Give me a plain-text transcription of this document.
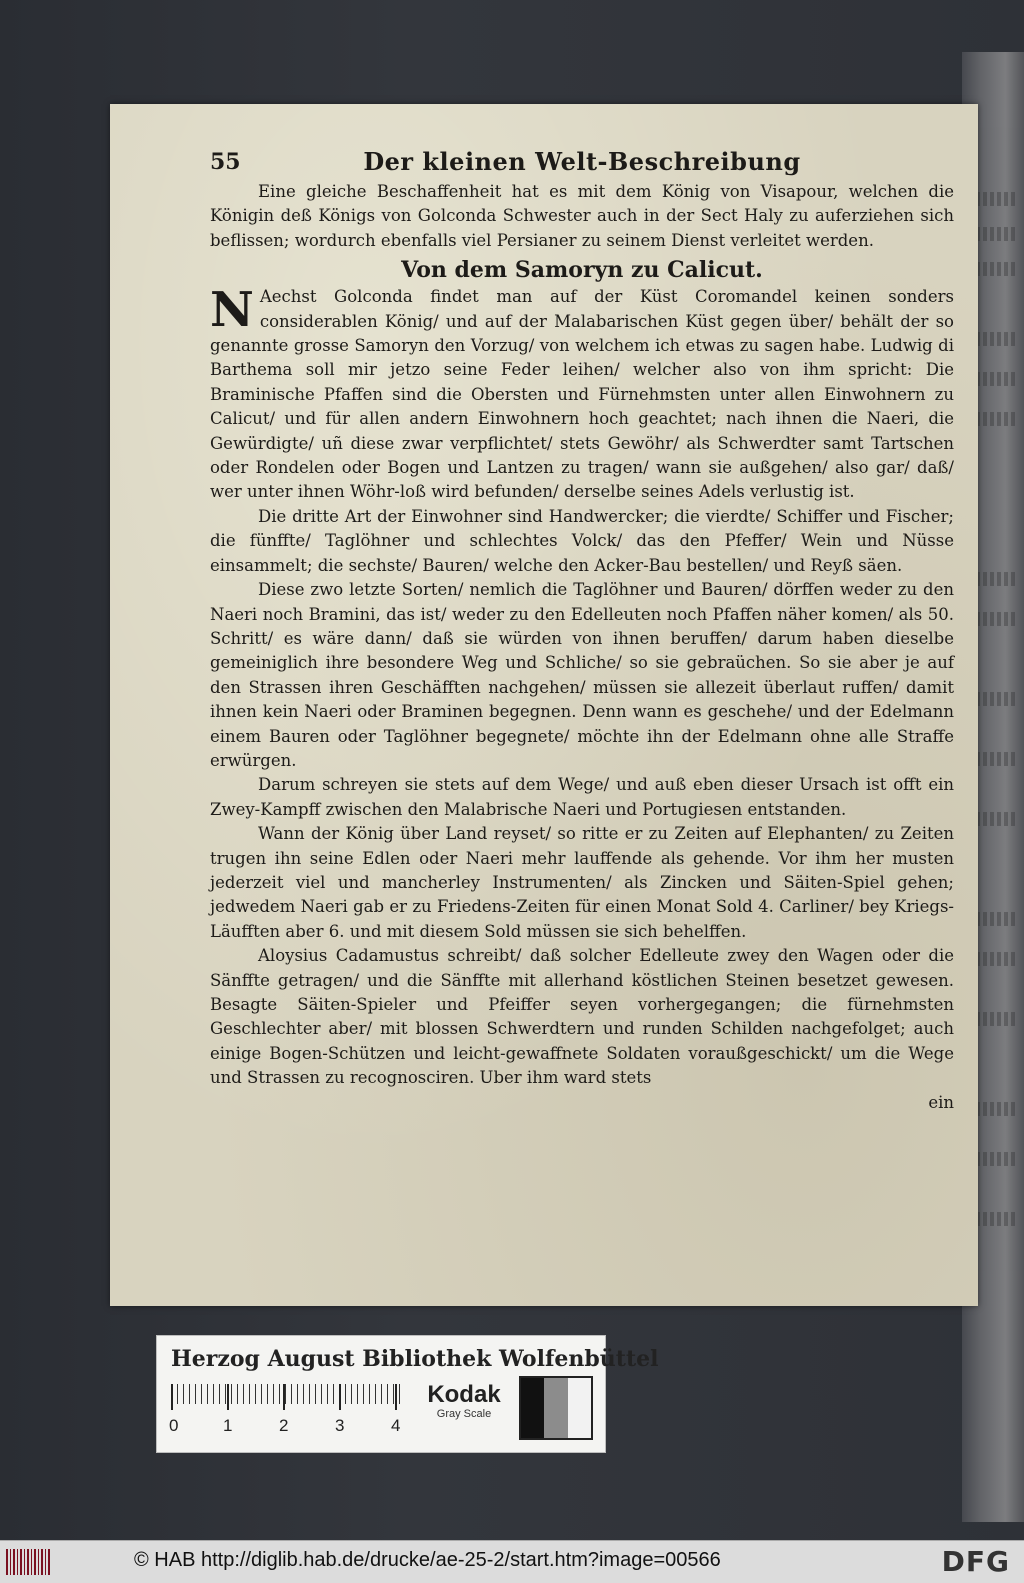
Der kleinen Welt-Beschreibung
55

Eine gleiche Beschaffenheit hat es mit dem König von Visapour, welchen die Königin deß Königs von Golconda Schwester auch in der Sect Haly zu auferziehen sich beflissen; wordurch ebenfalls viel Persianer zu seinem Dienst verleitet werden.

Von dem Samoryn zu Calicut.

N Aechst Golconda findet man auf der Küst Coromandel keinen sonders considerablen König/ und auf der Malabarischen Küst gegen über/ behält der so genannte grosse Samoryn den Vorzug/ von welchem ich etwas zu sagen habe. Ludwig di Barthema soll mir jetzo seine Feder leihen/ welcher also von ihm spricht: Die Braminische Pfaffen sind die Obersten und Fürnehmsten unter allen Einwohnern zu Calicut/ und für allen andern Einwohnern hoch geachtet; nach ihnen die Naeri, die Gewürdigte/ uñ diese zwar verpflichtet/ stets Gewöhr/ als Schwerdter samt Tartschen oder Rondelen oder Bogen und Lantzen zu tragen/ wann sie außgehen/ also gar/ daß/ wer unter ihnen Wöhr-loß wird befunden/ derselbe seines Adels verlustig ist.

Die dritte Art der Einwohner sind Handwercker; die vierdte/ Schiffer und Fischer; die fünffte/ Taglöhner und schlechtes Volck/ das den Pfeffer/ Wein und Nüsse einsammelt; die sechste/ Bauren/ welche den Acker-Bau bestellen/ und Reyß säen.

Diese zwo letzte Sorten/ nemlich die Taglöhner und Bauren/ dörffen weder zu den Naeri noch Bramini, das ist/ weder zu den Edelleuten noch Pfaffen näher komen/ als 50. Schritt/ es wäre dann/ daß sie würden von ihnen beruffen/ darum haben dieselbe gemeiniglich ihre besondere Weg und Schliche/ so sie gebraüchen. So sie aber je auf den Strassen ihren Geschäfften nachgehen/ müssen sie allezeit überlaut ruffen/ damit ihnen kein Naeri oder Braminen begegnen. Denn wann es geschehe/ und der Edelmann einem Bauren oder Taglöhner begegnete/ möchte ihn der Edelmann ohne alle Straffe erwürgen.

Darum schreyen sie stets auf dem Wege/ und auß eben dieser Ursach ist offt ein Zwey-Kampff zwischen den Malabrische Naeri und Portugiesen entstanden.

Wann der König über Land reyset/ so ritte er zu Zeiten auf Elephanten/ zu Zeiten trugen ihn seine Edlen oder Naeri mehr lauffende als gehende. Vor ihm her musten jederzeit viel und mancherley Instrumenten/ als Zincken und Säiten-Spiel gehen; jedwedem Naeri gab er zu Friedens-Zeiten für einen Monat Sold 4. Carliner/ bey Kriegs-Läufften aber 6. und mit diesem Sold müssen sie sich behelffen.

Aloysius Cadamustus schreibt/ daß solcher Edelleute zwey den Wagen oder die Sänffte getragen/ und die Sänffte mit allerhand köstlichen Steinen besetzet gewesen. Besagte Säiten-Spieler und Pfeiffer seyen vorhergegangen; die fürnehmsten Geschlechter aber/ mit blossen Schwerdtern und runden Schilden nachgefolget; auch einige Bogen-Schützen und leicht-gewaffnete Soldaten voraußgeschickt/ um die Wege und Strassen zu recognosciren. Uber ihm ward stets

ein

Herzog August Bibliothek Wolfenbüttel
0	1	2	3	4
Kodak
Gray Scale
© HAB http://diglib.hab.de/drucke/ae-25-2/start.htm?image=00566	DFG
